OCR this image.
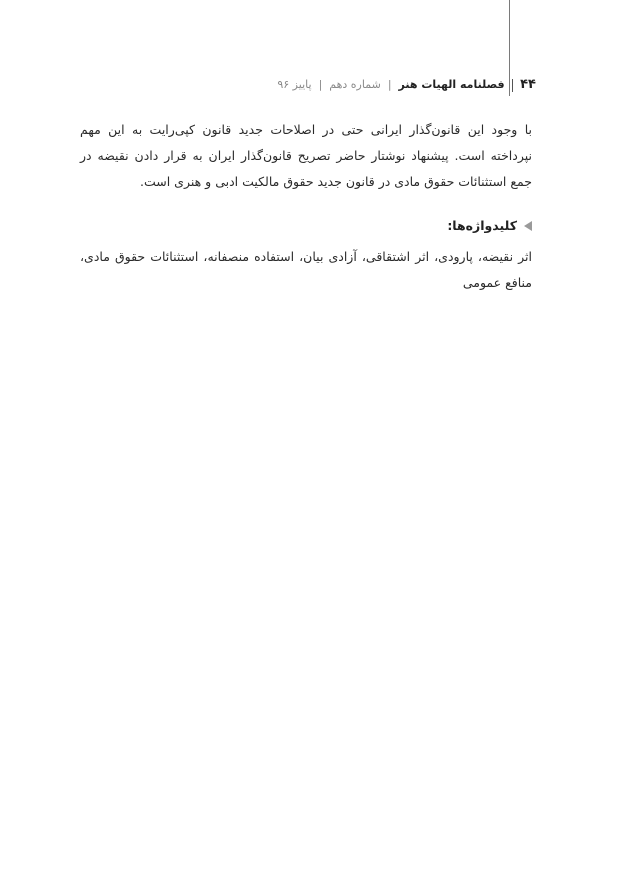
۴۴
فصلنامه الهیات هنر
|
شماره دهم
|
پاییز ۹۶

با وجود این قانون‌گذار ایرانی حتی در اصلاحات جدید قانون کپی‌رایت به این مهم نپرداخته است. پیشنهاد نوشتار حاضر تصریح قانون‌گذار ایران به قرار دادن نقیضه در جمع استثنائات حقوق مادی در قانون جدید حقوق مالکیت ادبی و هنری است.

کلیدواژه‌ها:

اثر نقیضه، پارودی، اثر اشتقاقی، آزادی بیان، استفاده منصفانه، استثنائات حقوق مادی، منافع عمومی
